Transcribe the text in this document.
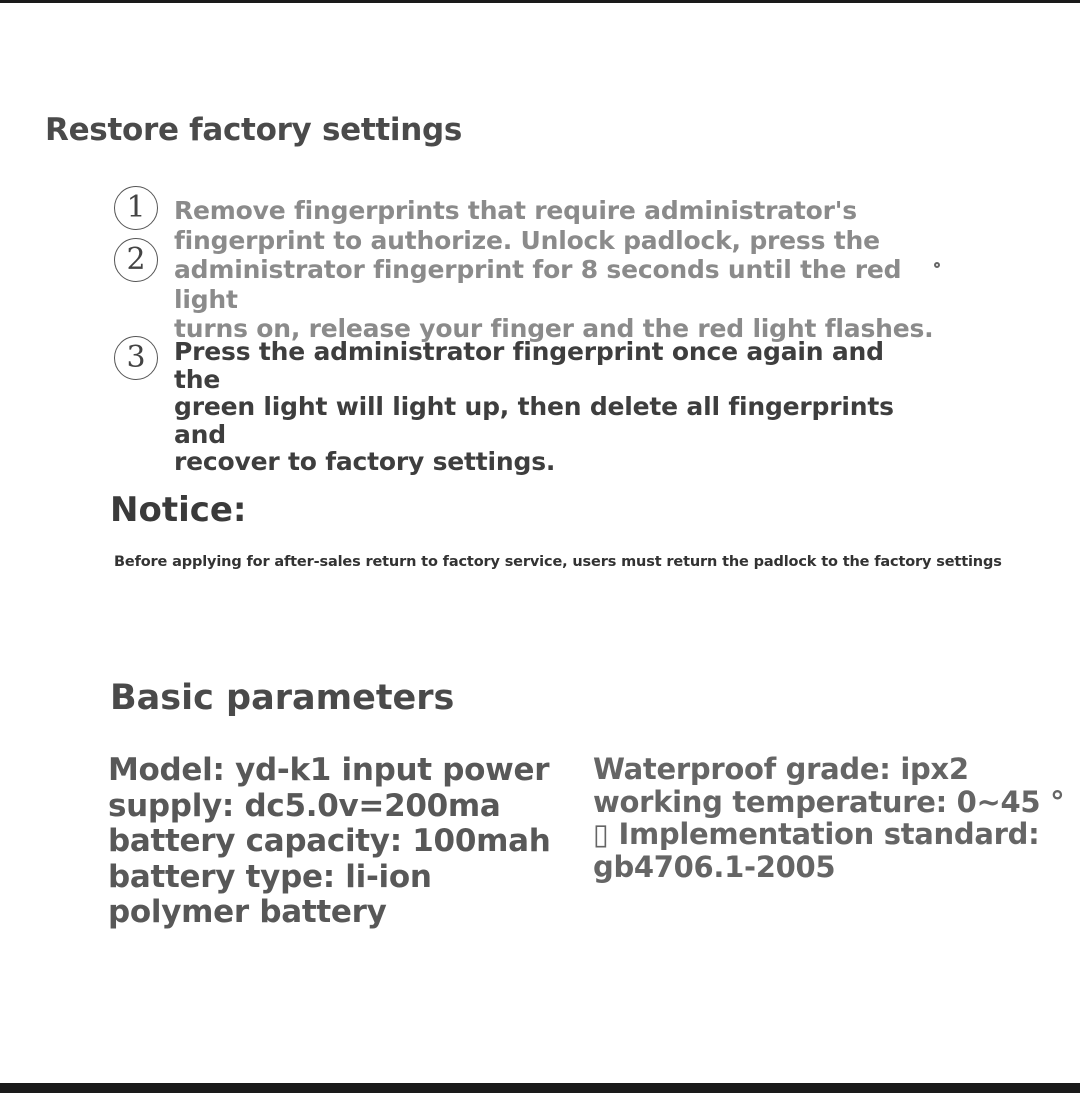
Restore factory settings
1
2
3
Remove fingerprints that require administrator's
fingerprint to authorize. Unlock padlock, press the
administrator fingerprint for 8 seconds until the red light
turns on, release your finger and the red light flashes.
Press the administrator fingerprint once again and the
green light will light up, then delete all fingerprints and
recover to factory settings.
Notice:
Before applying for after-sales return to factory service, users must return the padlock to the factory settings
Basic parameters
Model: yd-k1 input power
supply: dc5.0v=200ma
battery capacity: 100mah
battery type: li-ion
polymer battery
Waterproof grade: ipx2
working temperature: 0~45 °
▯ Implementation standard:
gb4706.1-2005
